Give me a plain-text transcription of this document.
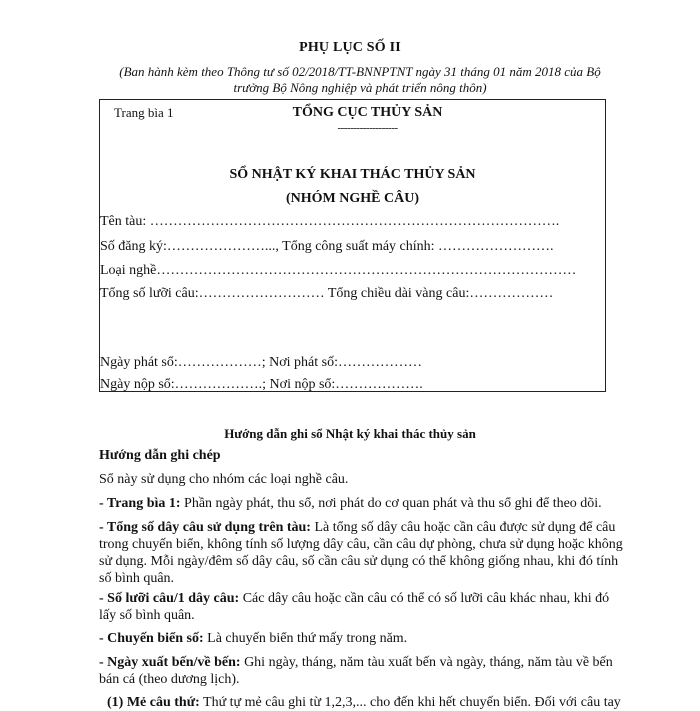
PHỤ LỤC SỐ II
(Ban hành kèm theo Thông tư số 02/2018/TT-BNNPTNT ngày 31 tháng 01 năm 2018 của Bộ trưởng Bộ Nông nghiệp và phát triển nông thôn)
Trang bìa 1	TỔNG CỤC THỦY SẢN
-------------------
SỔ NHẬT KÝ KHAI THÁC THỦY SẢN
(NHÓM NGHỀ CÂU)
Tên tàu: …………………………………………………………………………….
Số đăng ký:…………………..., Tổng công suất máy chính: …………………….
Loại nghề………………………………………………………………………………
Tổng số lưỡi câu:……………………… Tổng chiều dài vàng câu:………………
Ngày phát sổ:………………; Nơi phát số:………………
Ngày nộp sổ:……………….; Nơi nộp sổ:……………….
Hướng dẫn ghi sổ Nhật ký khai thác thủy sản
Hướng dẫn ghi chép
Sổ này sử dụng cho nhóm các loại nghề câu.
- Trang bìa 1: Phần ngày phát, thu sổ, nơi phát do cơ quan phát và thu sổ ghi để theo dõi.
- Tổng số dây câu sử dụng trên tàu: Là tổng số dây câu hoặc cần câu được sử dụng để câu trong chuyến biển, không tính số lượng dây câu, cần câu dự phòng, chưa sử dụng hoặc không sử dụng. Mỗi ngày/đêm số dây câu, số cần câu sử dụng có thể không giống nhau, khi đó tính số bình quân.
- Số lưỡi câu/1 dây câu: Các dây câu hoặc cần câu có thể có số lưỡi câu khác nhau, khi đó lấy số bình quân.
- Chuyến biển số: Là chuyến biển thứ mấy trong năm.
- Ngày xuất bến/về bến: Ghi ngày, tháng, năm tàu xuất bến và ngày, tháng, năm tàu về bến bán cá (theo dương lịch).
(1) Mẻ câu thứ: Thứ tự mẻ câu ghi từ 1,2,3,... cho đến khi hết chuyến biển. Đối với câu tay
